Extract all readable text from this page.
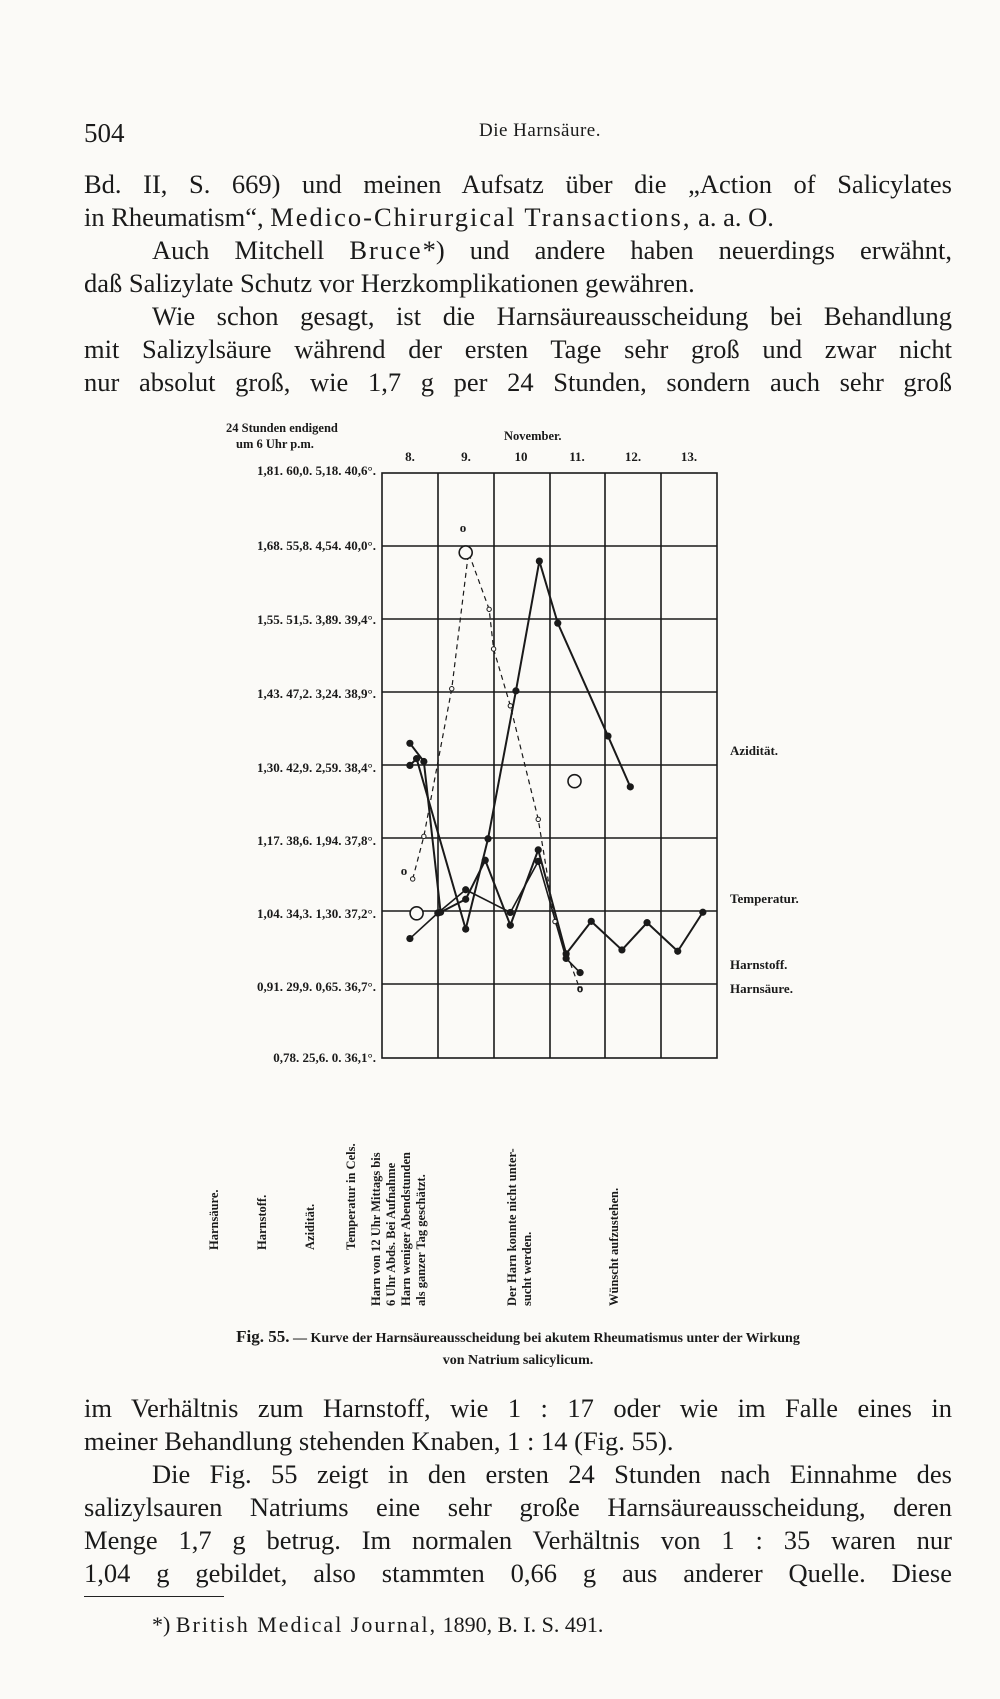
504	Die Harnsäure.
Bd. II, S. 669) und meinen Aufsatz über die „Action of Salicylates
in Rheumatism“, Medico-Chirurgical Transactions, a. a. O.
Auch Mitchell Bruce*) und andere haben neuerdings erwähnt,
daß Salizylate Schutz vor Herzkomplikationen gewähren.
Wie schon gesagt, ist die Harnsäureausscheidung bei Behandlung
mit Salizylsäure während der ersten Tage sehr groß und zwar nicht
nur absolut groß, wie 1,7 g per 24 Stunden, sondern auch sehr groß
24 Stunden endigend
um 6 Uhr p.m.
November.
8.	9.	10	11.	12.	13.
1,81. 60,0. 5,18. 40,6°.
1,68. 55,8. 4,54. 40,0°.
1,55. 51,5. 3,89. 39,4°.
1,43. 47,2. 3,24. 38,9°.
1,30. 42,9. 2,59. 38,4°.
1,17. 38,6. 1,94. 37,8°.
1,04. 34,3. 1,30. 37,2°.
0,91. 29,9. 0,65. 36,7°.
0,78. 25,6. 0. 36,1°.
Azidität.
Temperatur.
Harnstoff.
Harnsäure.
o
o
o
Harnsäure.	Harnstoff.	Azidität. Temperatur in Cels. Harn von 12 Uhr Mittags bis 6 Uhr Abds. Bei Aufnahme Harn weniger Abendstunden als ganzer Tag geschätzt.	Der Harn konnte nicht unter- sucht werden.	Wünscht aufzustehen.
Fig. 55. — Kurve der Harnsäureausscheidung bei akutem Rheumatismus unter der Wirkung
von Natrium salicylicum.
im Verhältnis zum Harnstoff, wie 1 : 17 oder wie im Falle eines in
meiner Behandlung stehenden Knaben, 1 : 14 (Fig. 55).
Die Fig. 55 zeigt in den ersten 24 Stunden nach Einnahme des
salizylsauren Natriums eine sehr große Harnsäureausscheidung, deren
Menge 1,7 g betrug. Im normalen Verhältnis von 1 : 35 waren nur
1,04 g gebildet, also stammten 0,66 g aus anderer Quelle. Diese
*) British Medical Journal, 1890, B. I. S. 491.
